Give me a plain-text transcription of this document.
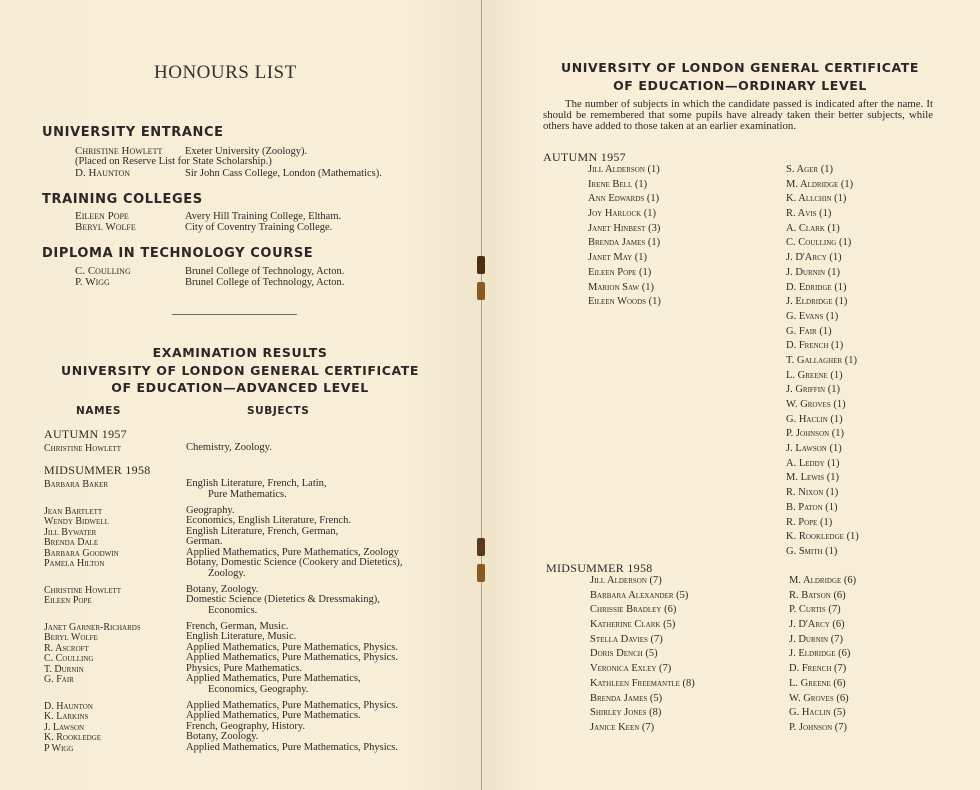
HONOURS LIST
UNIVERSITY ENTRANCE
Christine Howlett Exeter University (Zoology).
(Placed on Reserve List for State Scholarship.)
D. Haunton	Sir John Cass College, London (Mathematics).
TRAINING COLLEGES
Eileen Pope	Avery Hill Training College, Eltham.
Beryl Wolfe	City of Coventry Training College.
DIPLOMA IN TECHNOLOGY COURSE
C. Coulling	Brunel College of Technology, Acton.
P. Wigg	Brunel College of Technology, Acton.
EXAMINATION RESULTS
UNIVERSITY OF LONDON GENERAL CERTIFICATE
OF EDUCATION—ADVANCED LEVEL
NAMES	SUBJECTS
AUTUMN 1957
Christine Howlett	Chemistry, Zoology.
MIDSUMMER 1958
Barbara Baker	English Literature, French, Latin,
Pure Mathematics.
Jean Bartlett	Geography.
Wendy Bidwell	Economics, English Literature, French.
Jill Bywater	English Literature, French, German,
Brenda Dale	German.
Barbara Goodwin	Applied Mathematics, Pure Mathematics, Zoology
Pamela Hilton	Botany, Domestic Science (Cookery and Dietetics),
Zoology.
Christine Howlett	Botany, Zoology.
Eileen Pope	Domestic Science (Dietetics & Dressmaking),
Economics.
Janet Garner-Richards	French, German, Music.
Beryl Wolfe	English Literature, Music.
R. Ascroft	Applied Mathematics, Pure Mathematics, Physics.
C. Coulling	Applied Mathematics, Pure Mathematics, Physics.
T. Durnin	Physics, Pure Mathematics.
G. Fair	Applied Mathematics, Pure Mathematics,
Economics, Geography.
D. Haunton	Applied Mathematics, Pure Mathematics, Physics.
K. Larkins	Applied Mathematics, Pure Mathematics.
J. Lawson	French, Geography, History.
K. Rookledge	Botany, Zoology.
P Wigg	Applied Mathematics, Pure Mathematics, Physics.
UNIVERSITY OF LONDON GENERAL CERTIFICATE
OF EDUCATION—ORDINARY LEVEL
The number of subjects in which the candidate passed is indicated after the name. It should be remembered that some pupils have already taken their better subjects, while others have added to those taken at an earlier examination.
AUTUMN 1957
Jill Alderson (1)
Irene Bell (1)
Ann Edwards (1)
Joy Harlock (1)
Janet Hinbest (3)
Brenda James (1)
Janet May (1)
Eileen Pope (1)
Marion Saw (1)
Eileen Woods (1)
S. Ager (1)
M. Aldridge (1)
K. Allchin (1)
R. Avis (1)
A. Clark (1)
C. Coulling (1)
J. D'Arcy (1)
J. Durnin (1)
D. Edridge (1)
J. Eldridge (1)
G. Evans (1)
G. Fair (1)
D. French (1)
T. Gallagher (1)
L. Greene (1)
J. Griffin (1)
W. Groves (1)
G. Haclin (1)
P. Johnson (1)
J. Lawson (1)
A. Leddy (1)
M. Lewis (1)
R. Nixon (1)
B. Paton (1)
R. Pope (1)
K. Rookledge (1)
G. Smith (1)
MIDSUMMER 1958
Jill Alderson (7)
Barbara Alexander (5)
Chrissie Bradley (6)
Katherine Clark (5)
Stella Davies (7)
Doris Dench (5)
Veronica Exley (7)
Kathleen Freemantle (8)
Brenda James (5)
Shirley Jones (8)
Janice Keen (7)
M. Aldridge (6)
R. Batson (6)
P. Curtis (7)
J. D'Arcy (6)
J. Durnin (7)
J. Eldridge (6)
D. French (7)
L. Greene (6)
W. Groves (6)
G. Haclin (5)
P. Johnson (7)
